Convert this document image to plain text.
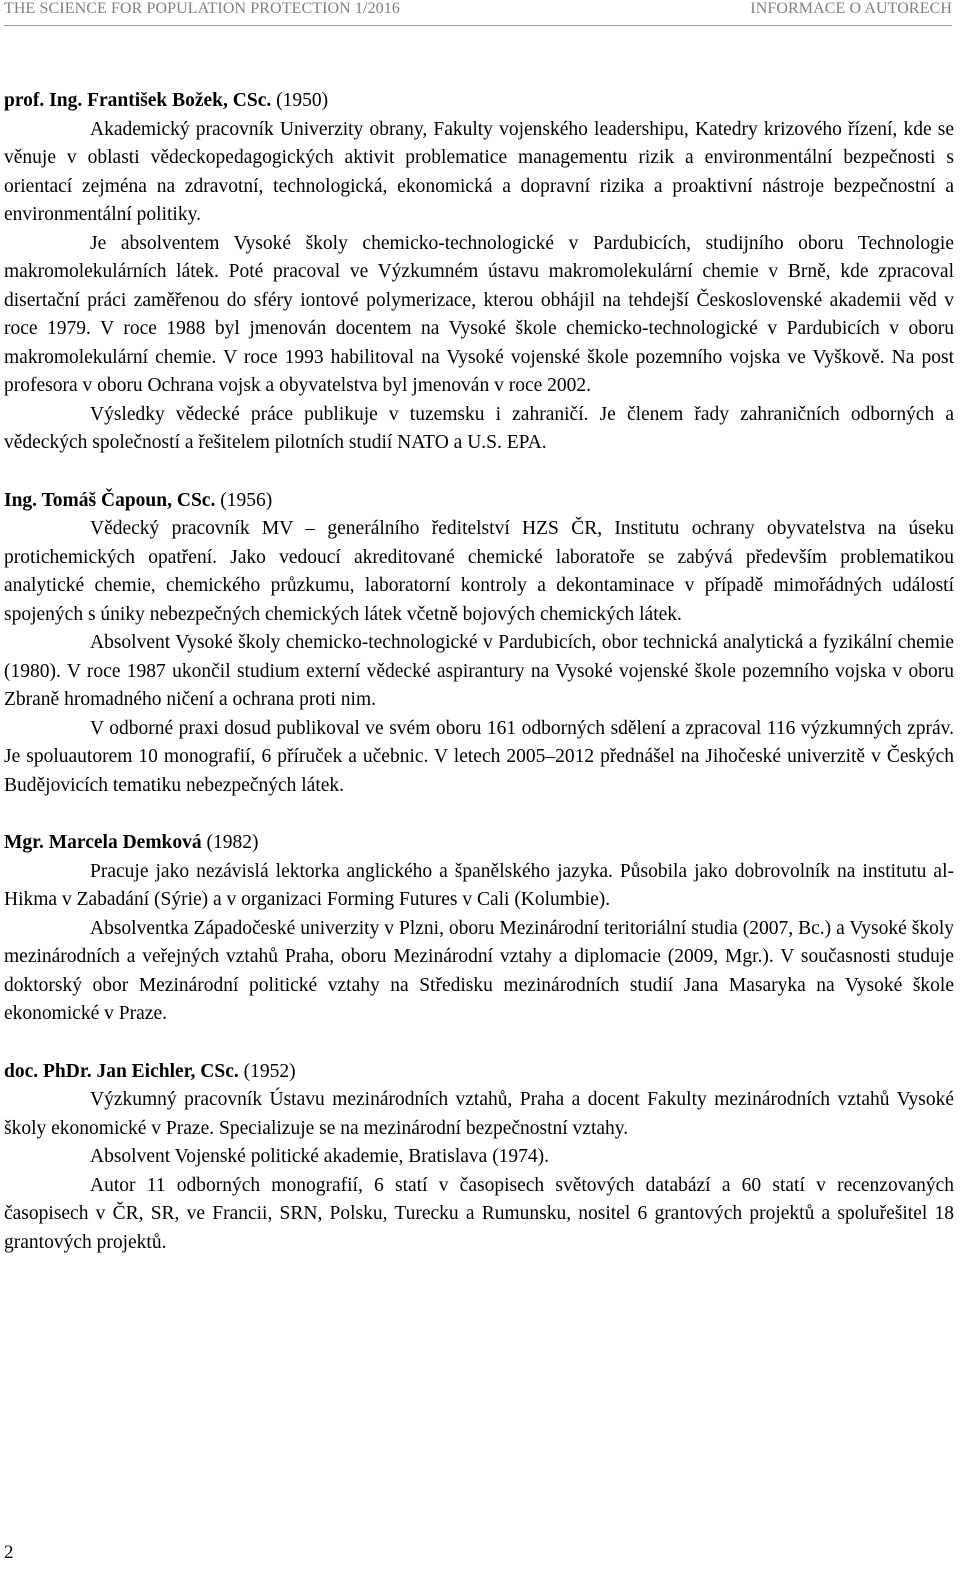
THE SCIENCE FOR POPULATION PROTECTION 1/2016	INFORMACE O AUTORECH

prof. Ing. František Božek, CSc. (1950)

Akademický pracovník Univerzity obrany, Fakulty vojenského leadershipu, Katedry krizového řízení, kde se věnuje v oblasti vědeckopedagogických aktivit problematice managementu rizik a environmentální bezpečnosti s orientací zejména na zdravotní, technologická, ekonomická a dopravní rizika a proaktivní nástroje bezpečnostní a environmentální politiky.

Je absolventem Vysoké školy chemicko-technologické v Pardubicích, studijního oboru Technologie makromolekulárních látek. Poté pracoval ve Výzkumném ústavu makromolekulární chemie v Brně, kde zpracoval disertační práci zaměřenou do sféry iontové polymerizace, kterou obhájil na tehdejší Československé akademii věd v roce 1979. V roce 1988 byl jmenován docentem na Vysoké škole chemicko-technologické v Pardubicích v oboru makromolekulární chemie. V roce 1993 habilitoval na Vysoké vojenské škole pozemního vojska ve Vyškově. Na post profesora v oboru Ochrana vojsk a obyvatelstva byl jmenován v roce 2002.

Výsledky vědecké práce publikuje v tuzemsku i zahraničí. Je členem řady zahraničních odborných a vědeckých společností a řešitelem pilotních studií NATO a U.S. EPA.

Ing. Tomáš Čapoun, CSc. (1956)

Vědecký pracovník MV – generálního ředitelství HZS ČR, Institutu ochrany obyvatelstva na úseku protichemických opatření. Jako vedoucí akreditované chemické laboratoře se zabývá především problematikou analytické chemie, chemického průzkumu, laboratorní kontroly a dekontaminace v případě mimořádných událostí spojených s úniky nebezpečných chemických látek včetně bojových chemických látek.

Absolvent Vysoké školy chemicko-technologické v Pardubicích, obor technická analytická a fyzikální chemie (1980). V roce 1987 ukončil studium externí vědecké aspirantury na Vysoké vojenské škole pozemního vojska v oboru Zbraně hromadného ničení a ochrana proti nim.

V odborné praxi dosud publikoval ve svém oboru 161 odborných sdělení a zpracoval 116 výzkumných zpráv. Je spoluautorem 10 monografií, 6 příruček a učebnic. V letech 2005–2012 přednášel na Jihočeské univerzitě v Českých Budějovicích tematiku nebezpečných látek.

Mgr. Marcela Demková (1982)

Pracuje jako nezávislá lektorka anglického a španělského jazyka. Působila jako dobrovolník na institutu al-Hikma v Zabadání (Sýrie) a v organizaci Forming Futures v Cali (Kolumbie).

Absolventka Západočeské univerzity v Plzni, oboru Mezinárodní teritoriální studia (2007, Bc.) a Vysoké školy mezinárodních a veřejných vztahů Praha, oboru Mezinárodní vztahy a diplomacie (2009, Mgr.). V současnosti studuje doktorský obor Mezinárodní politické vztahy na Středisku mezinárodních studií Jana Masaryka na Vysoké škole ekonomické v Praze.

doc. PhDr. Jan Eichler, CSc. (1952)

Výzkumný pracovník Ústavu mezinárodních vztahů, Praha a docent Fakulty mezinárodních vztahů Vysoké školy ekonomické v Praze. Specializuje se na mezinárodní bezpečnostní vztahy.

Absolvent Vojenské politické akademie, Bratislava (1974).

Autor 11 odborných monografií, 6 statí v časopisech světových databází a 60 statí v recenzovaných časopisech v ČR, SR, ve Francii, SRN, Polsku, Turecku a Rumunsku, nositel 6 grantových projektů a spoluřešitel 18 grantových projektů.

2
